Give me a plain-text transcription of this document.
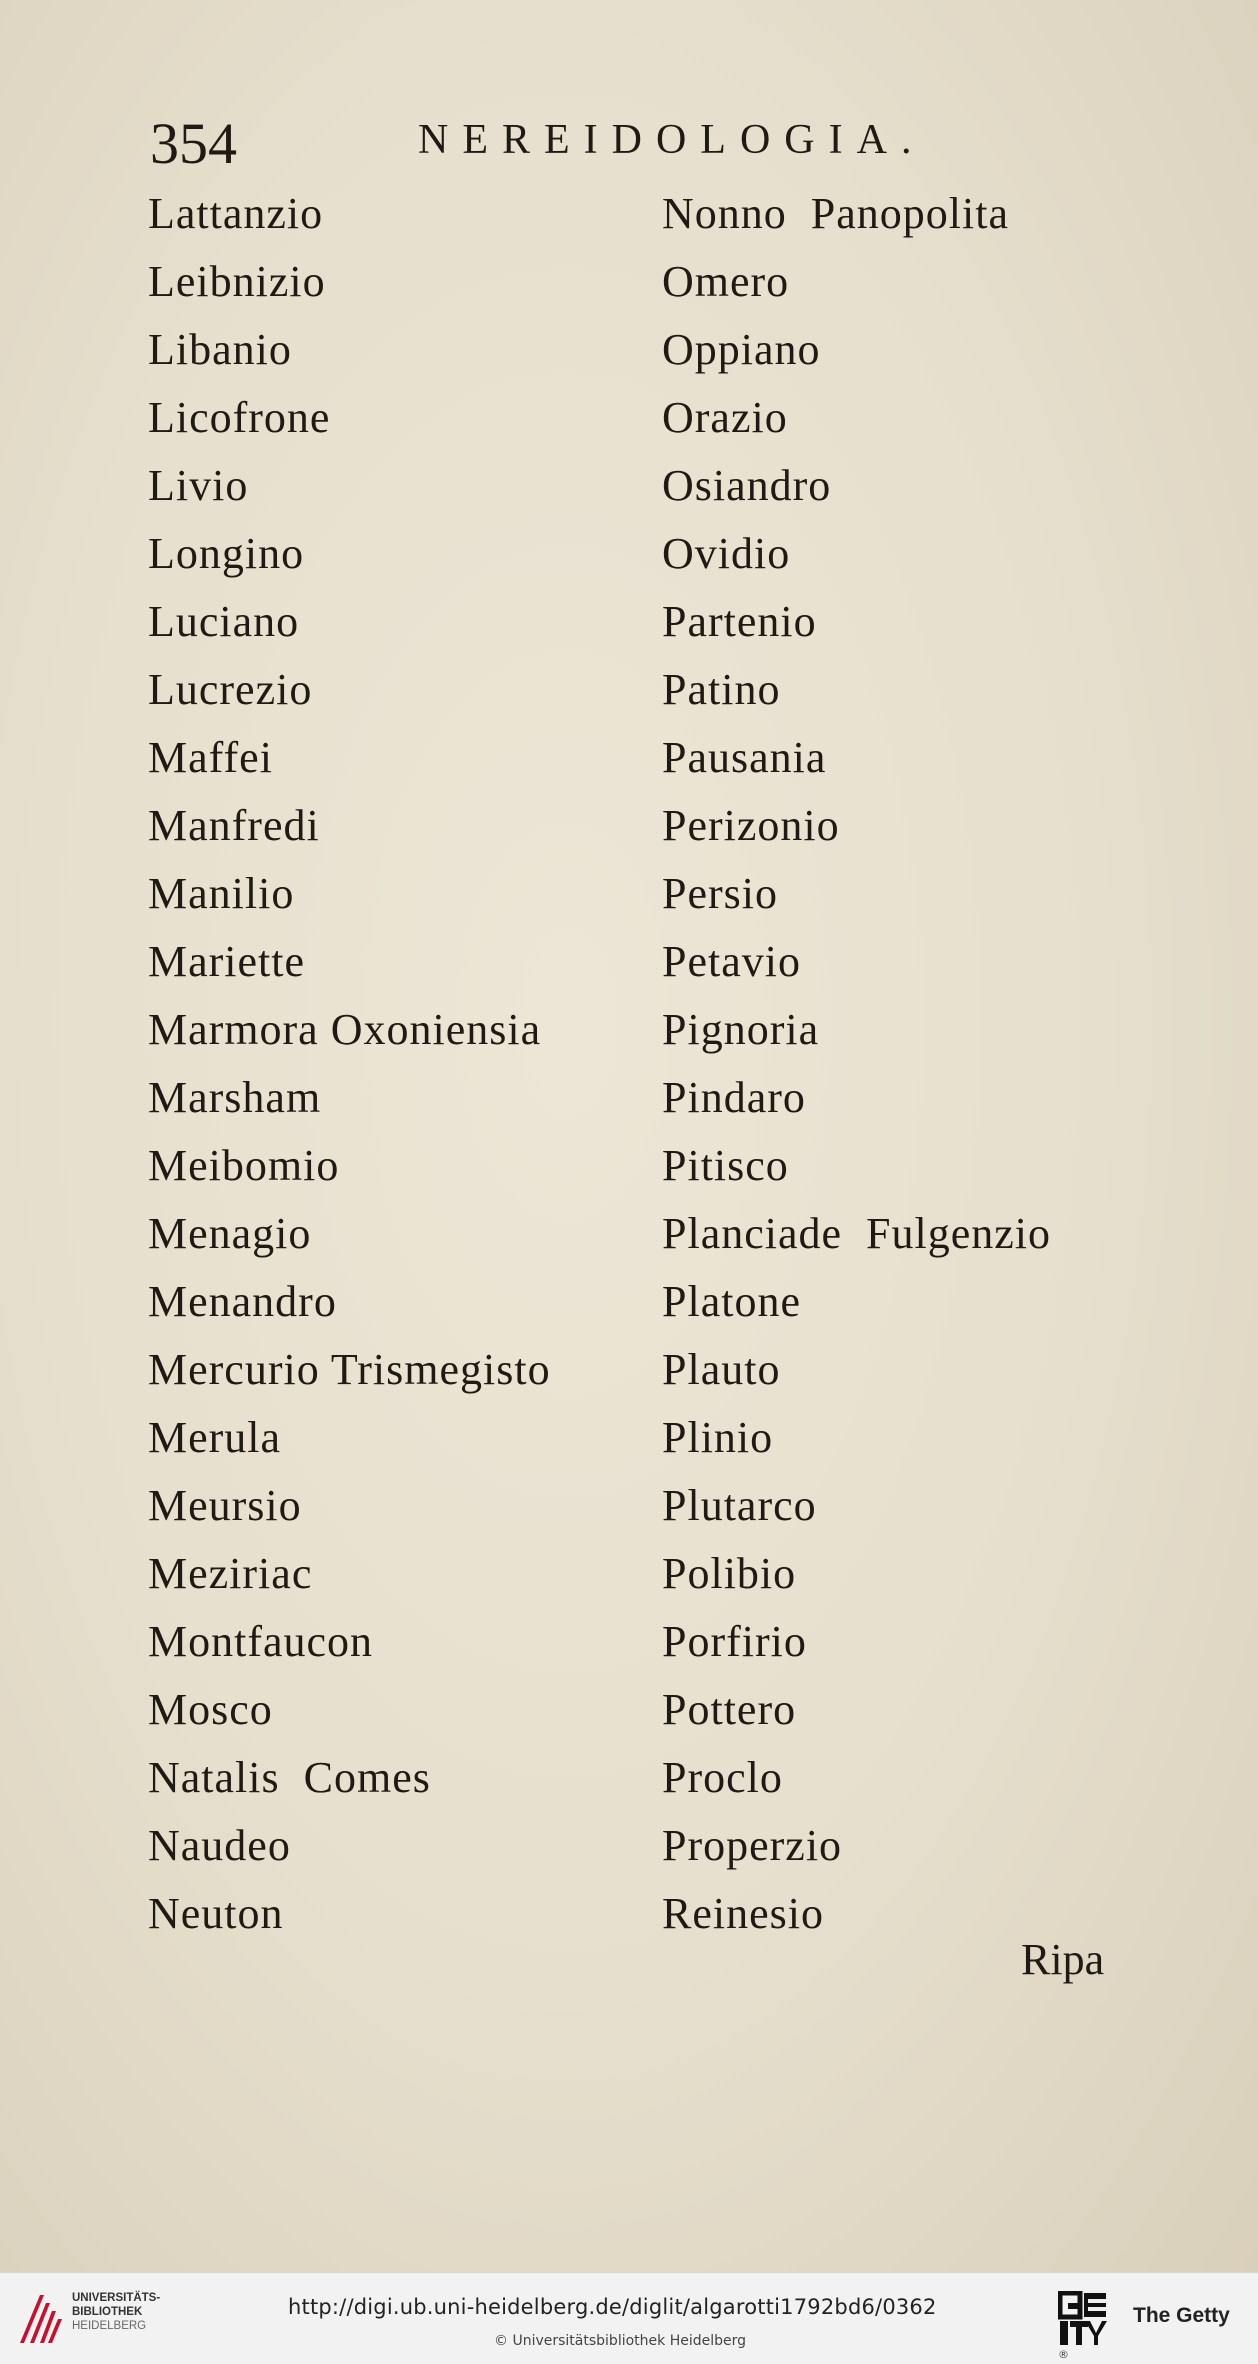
354	NEREIDOLOGIA.
Lattanzio
Leibnizio
Libanio
Licofrone
Livio
Longino
Luciano
Lucrezio
Maffei
Manfredi
Manilio
Mariette
Marmora Oxoniensia
Marsham
Meibomio
Menagio
Menandro
Mercurio Trismegisto
Merula
Meursio
Meziriac
Montfaucon
Mosco
Natalis  Comes
Naudeo
Neuton
Nonno  Panopolita
Omero
Oppiano
Orazio
Osiandro
Ovidio
Partenio
Patino
Pausania
Perizonio
Persio
Petavio
Pignoria
Pindaro
Pitisco
Planciade  Fulgenzio
Platone
Plauto
Plinio
Plutarco
Polibio
Porfirio
Pottero
Proclo
Properzio
Reinesio
Ripa
UNIVERSITÄTS-
BIBLIOTHEK
HEIDELBERG
http://digi.ub.uni-heidelberg.de/diglit/algarotti1792bd6/0362
© Universitätsbibliothek Heidelberg
®
The Getty
